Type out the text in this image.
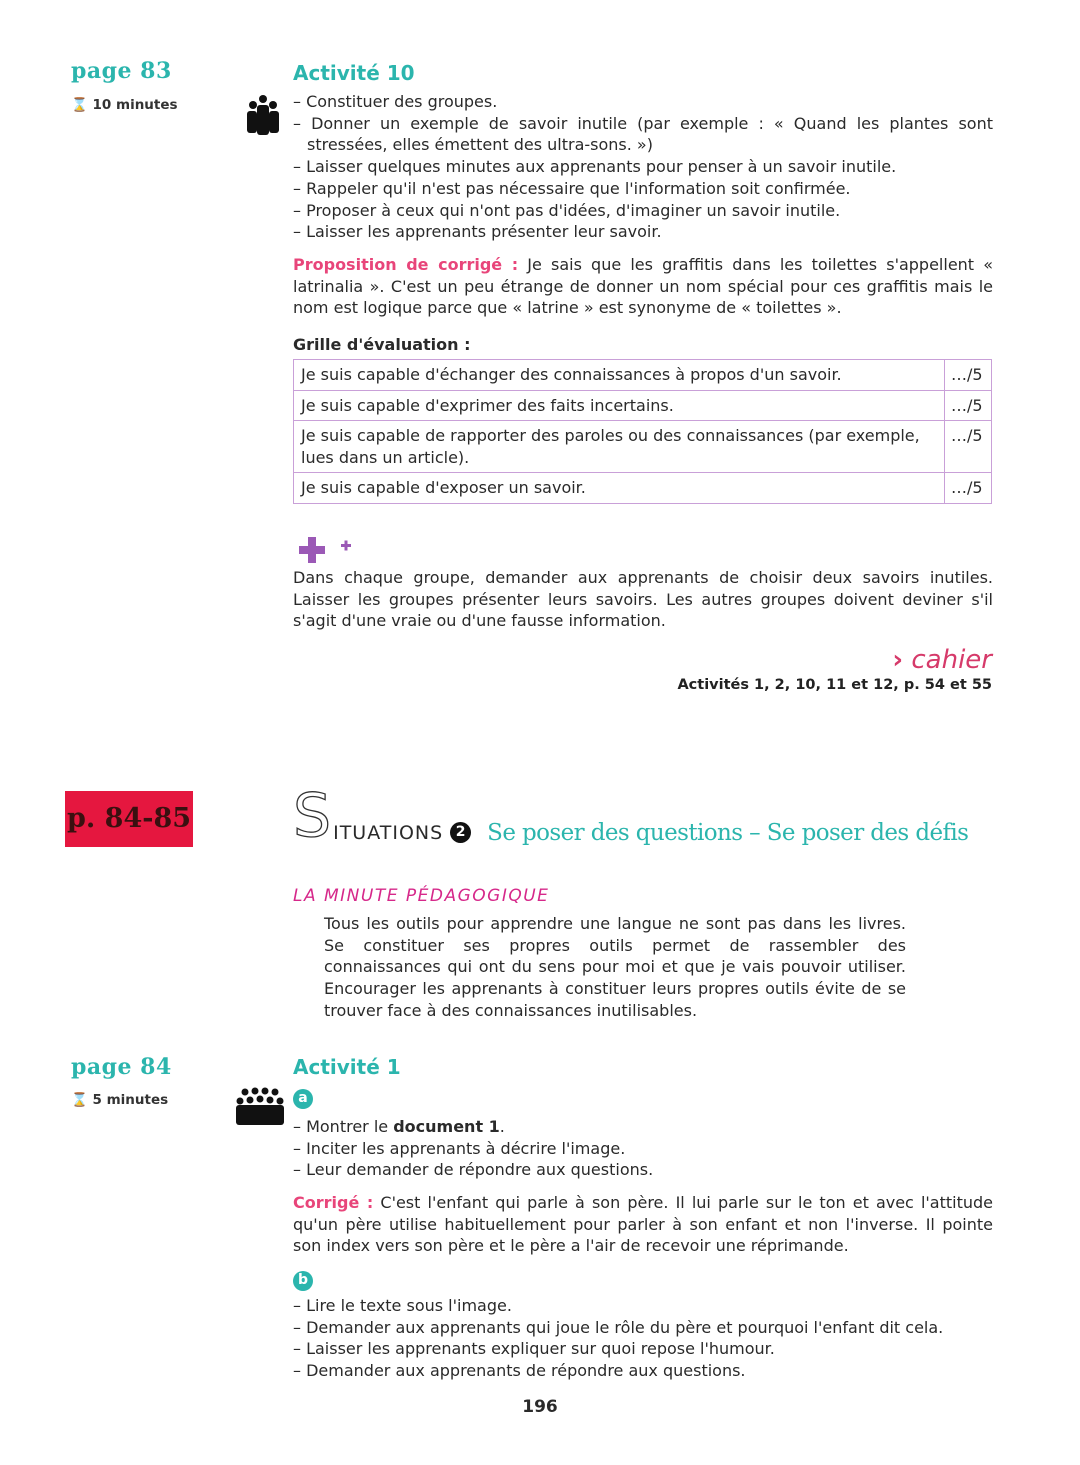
page 83
⌛ 10 minutes
Activité 10

– Constituer des groupes.

– Donner un exemple de savoir inutile (par exemple : « Quand les plantes sont stressées, elles émettent des ultra-sons. »)

– Laisser quelques minutes aux apprenants pour penser à un savoir inutile.

– Rappeler qu'il n'est pas nécessaire que l'information soit confirmée.

– Proposer à ceux qui n'ont pas d'idées, d'imaginer un savoir inutile.

– Laisser les apprenants présenter leur savoir.

Proposition de corrigé : Je sais que les graffitis dans les toilettes s'appellent « latrinalia ». C'est un peu étrange de donner un nom spécial pour ces graffitis mais le nom est logique parce que « latrine » est synonyme de « toilettes ».
Grille d'évaluation :
Je suis capable d'échanger des connaissances à propos d'un savoir.	…/5
Je suis capable d'exprimer des faits incertains.	…/5
Je suis capable de rapporter des paroles ou des connaissances (par exemple, lues dans un article).	…/5
Je suis capable d'exposer un savoir.	…/5
Dans chaque groupe, demander aux apprenants de choisir deux savoirs inutiles. Laisser les groupes présenter leurs savoirs. Les autres groupes doivent deviner s'il s'agit d'une vraie ou d'une fausse information.
› cahier
Activités 1, 2, 10, 11 et 12, p. 54 et 55
p. 84-85 S ITUATIONS 2 Se poser des questions – Se poser des défis
LA MINUTE PÉDAGOGIQUE
Tous les outils pour apprendre une langue ne sont pas dans les livres. Se constituer ses propres outils permet de rassembler des connaissances qui ont du sens pour moi et que je vais pouvoir utiliser. Encourager les apprenants à constituer leurs propres outils évite de se trouver face à des connaissances inutilisables.
page 84
⌛ 5 minutes
Activité 1
a

– Montrer le document 1.

– Inciter les apprenants à décrire l'image.

– Leur demander de répondre aux questions.

Corrigé : C'est l'enfant qui parle à son père. Il lui parle sur le ton et avec l'attitude qu'un père utilise habituellement pour parler à son enfant et non l'inverse. Il pointe son index vers son père et le père a l'air de recevoir une réprimande.
b

– Lire le texte sous l'image.

– Demander aux apprenants qui joue le rôle du père et pourquoi l'enfant dit cela.

– Laisser les apprenants expliquer sur quoi repose l'humour.

– Demander aux apprenants de répondre aux questions.

196
